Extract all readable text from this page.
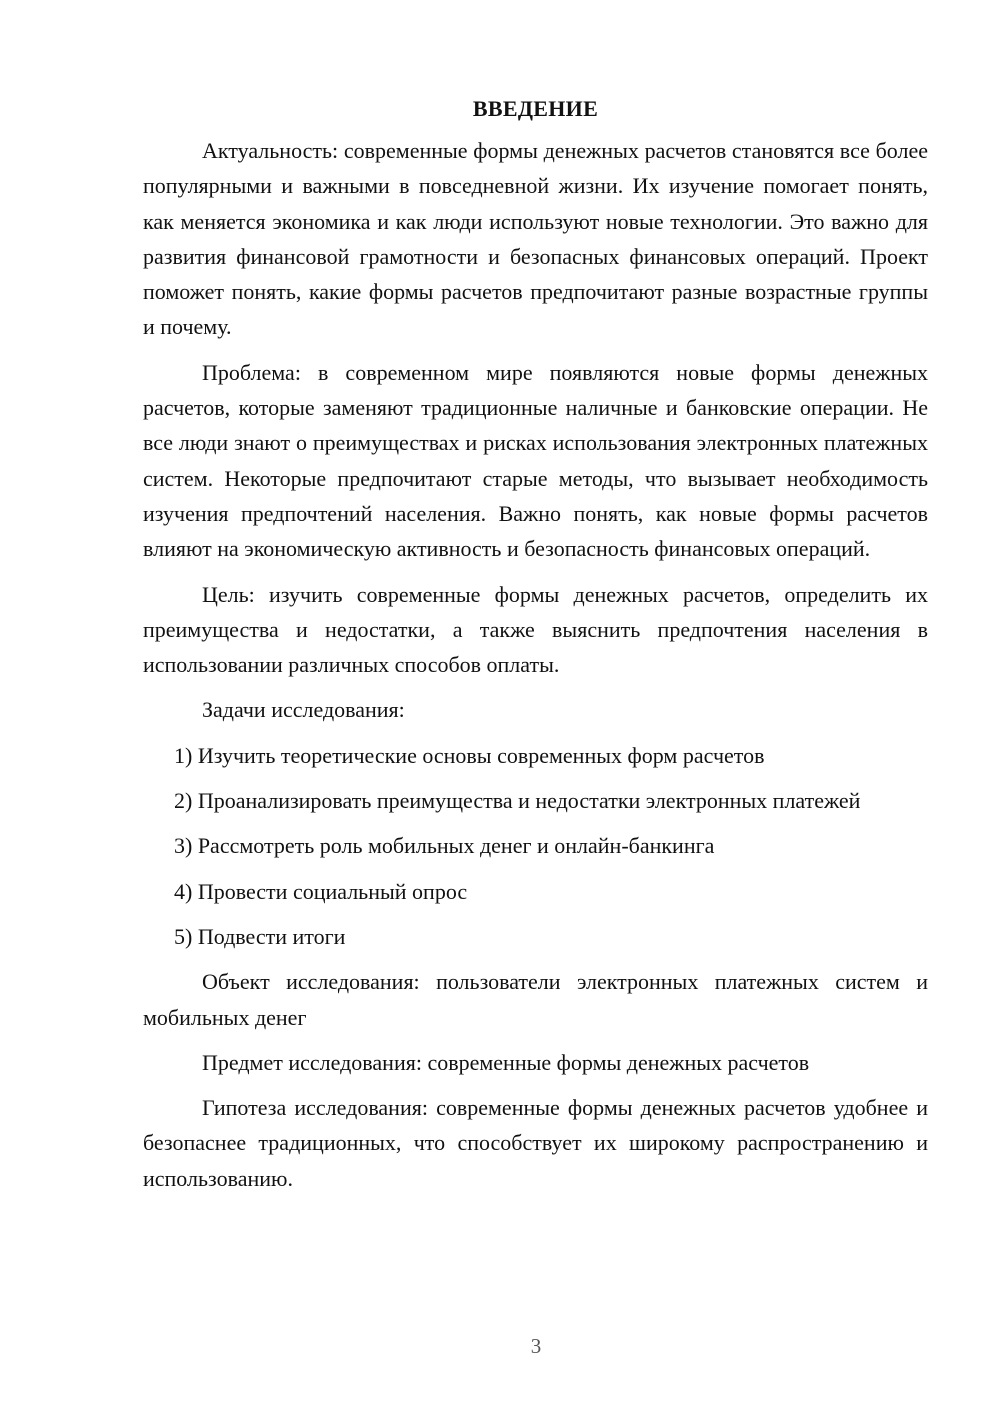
ВВЕДЕНИЕ

Актуальность: современные формы денежных расчетов становятся все более популярными и важными в повседневной жизни. Их изучение помогает понять, как меняется экономика и как люди используют новые технологии. Это важно для развития финансовой грамотности и безопасных финансовых операций. Проект поможет понять, какие формы расчетов предпочитают разные возрастные группы и почему.

Проблема: в современном мире появляются новые формы денежных расчетов, которые заменяют традиционные наличные и банковские операции. Не все люди знают о преимуществах и рисках использования электронных платежных систем. Некоторые предпочитают старые методы, что вызывает необходимость изучения предпочтений населения. Важно понять, как новые формы расчетов влияют на экономическую активность и безопасность финансовых операций.

Цель: изучить современные формы денежных расчетов, определить их преимущества и недостатки, а также выяснить предпочтения населения в использовании различных способов оплаты.

Задачи исследования:

1) Изучить теоретические основы современных форм расчетов

2) Проанализировать преимущества и недостатки электронных платежей

3) Рассмотреть роль мобильных денег и онлайн-банкинга

4) Провести социальный опрос

5) Подвести итоги

Объект исследования: пользователи электронных платежных систем и мобильных денег

Предмет исследования: современные формы денежных расчетов

Гипотеза исследования: современные формы денежных расчетов удобнее и безопаснее традиционных, что способствует их широкому распространению и использованию.

3
